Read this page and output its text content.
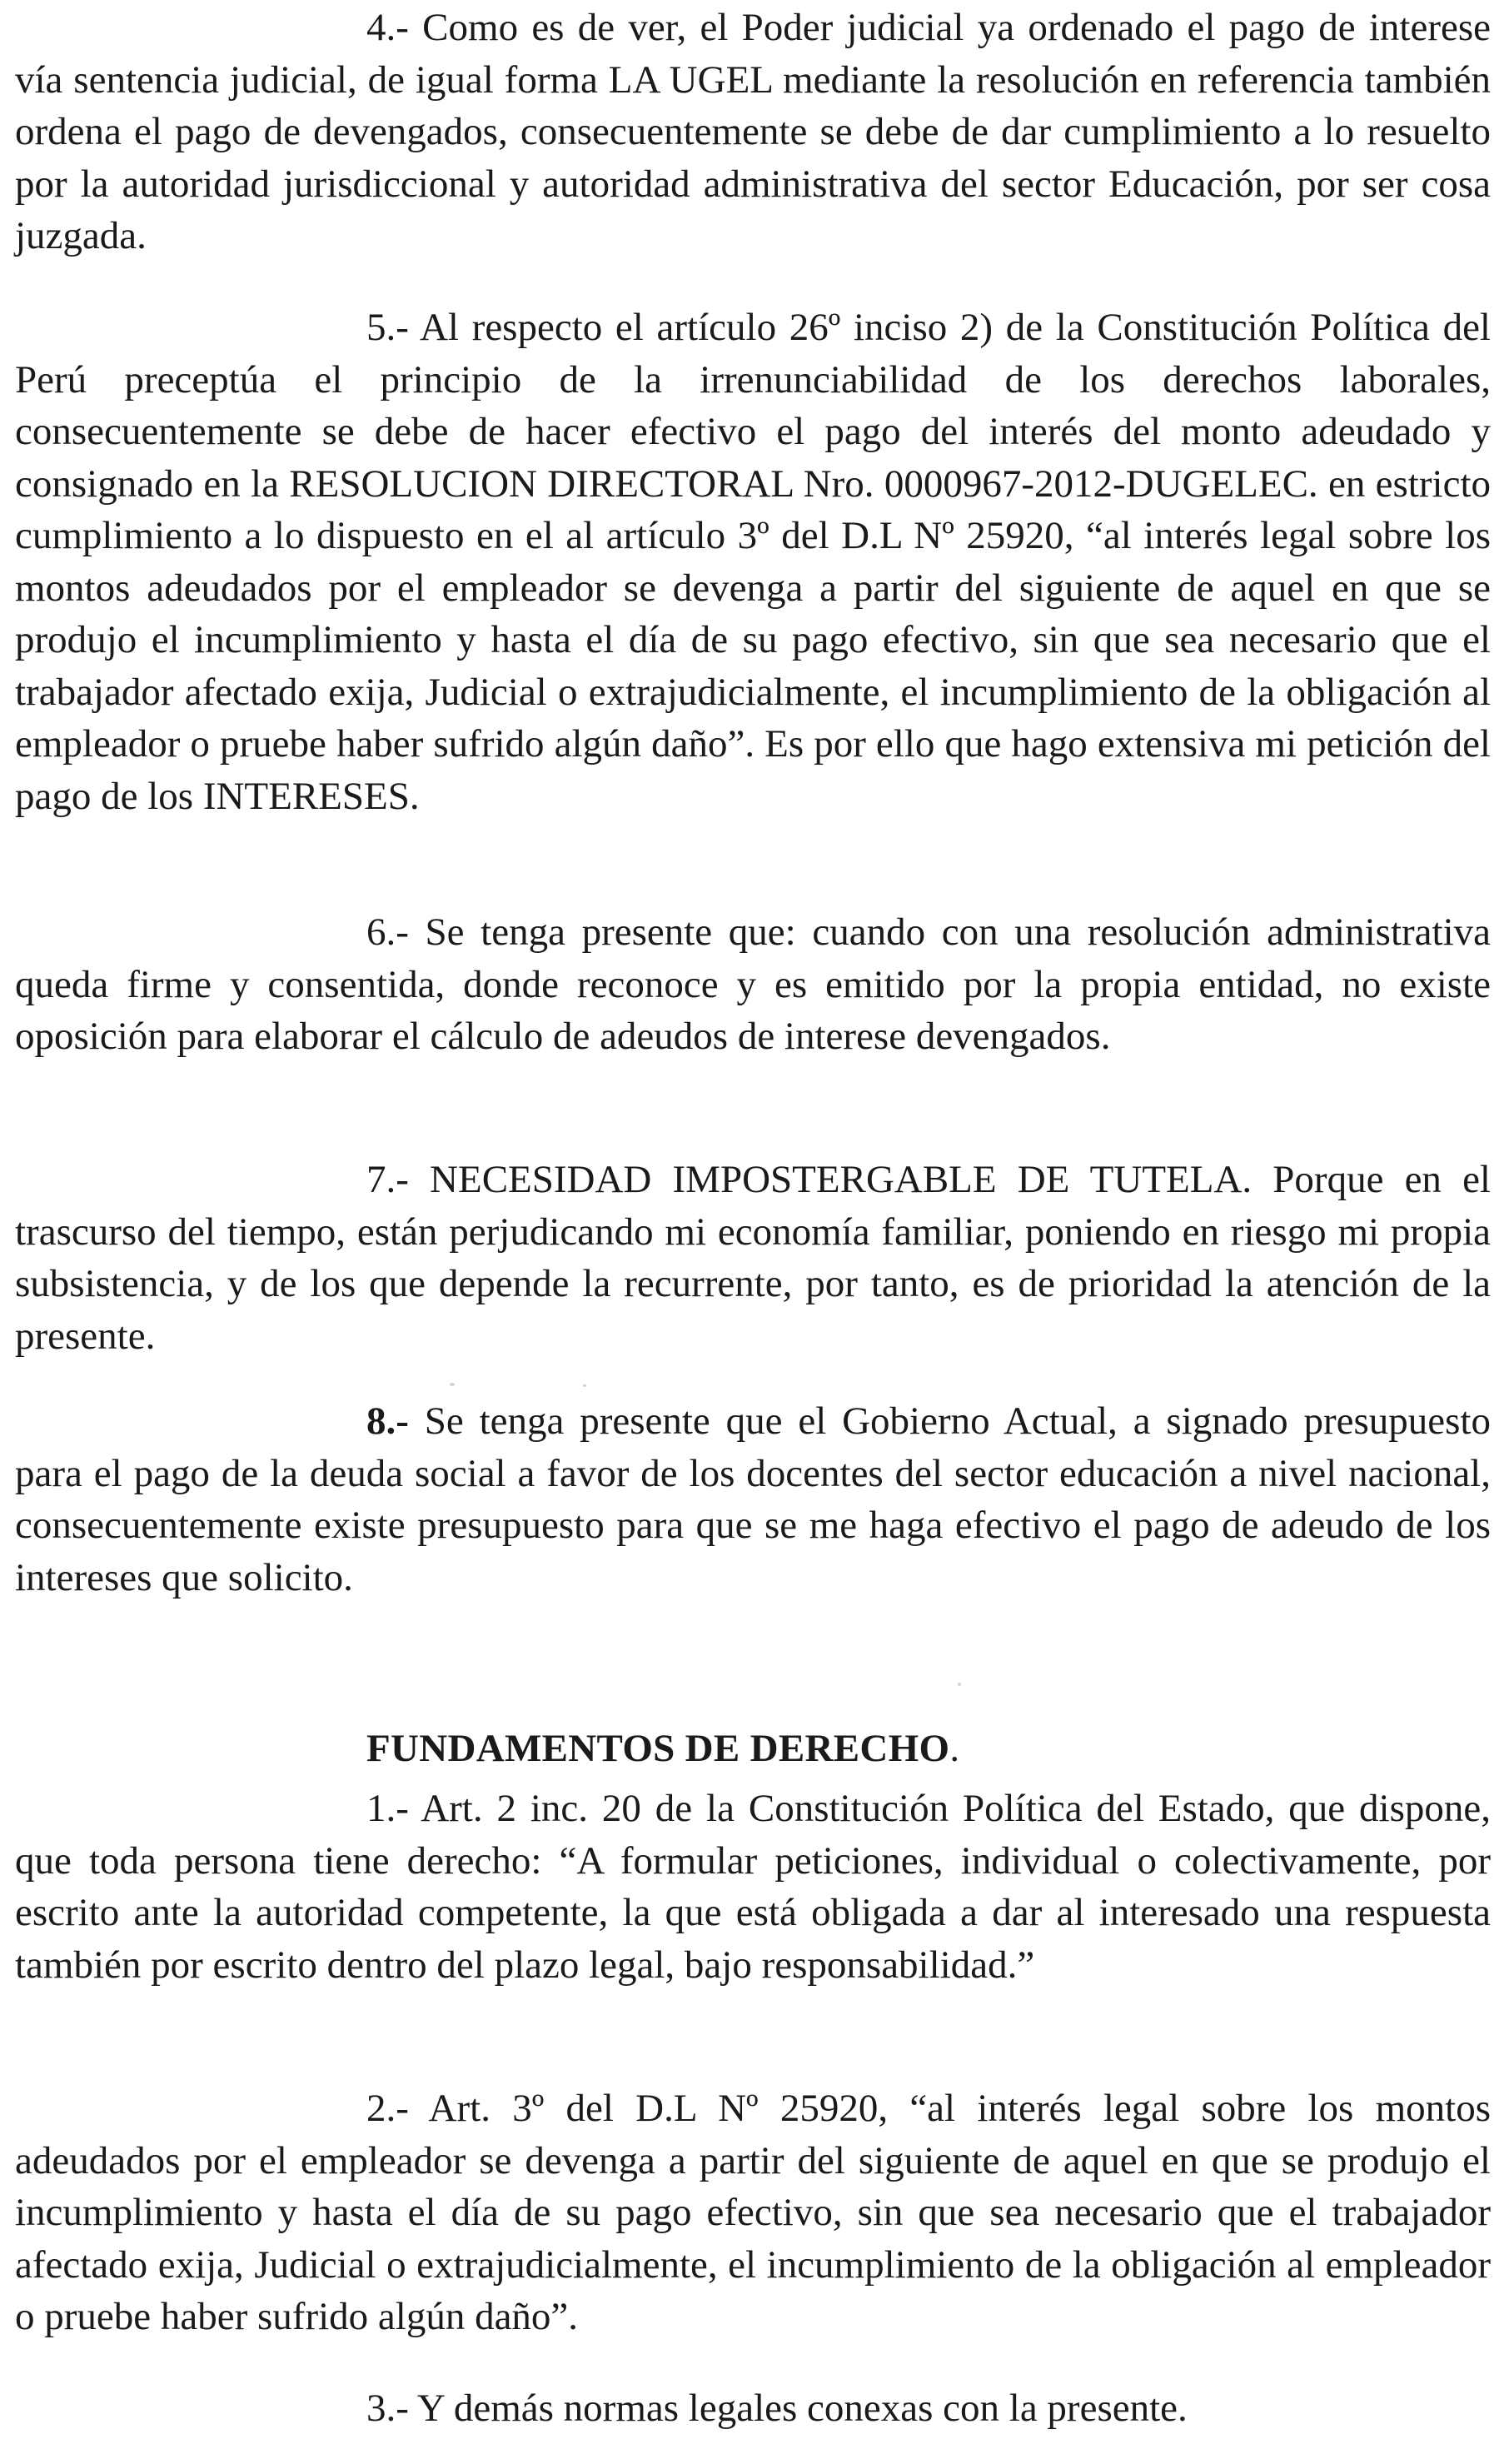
4.- Como es de ver, el Poder judicial ya ordenado el pago de interese vía sentencia judicial, de igual forma LA UGEL mediante la resolución en referencia también ordena el pago de devengados, consecuentemente se debe de dar cumplimiento a lo resuelto por la autoridad jurisdiccional y autoridad administrativa del sector Educación, por ser cosa juzgada.

5.- Al respecto el artículo 26º inciso 2) de la Constitución Política del Perú preceptúa el principio de la irrenunciabilidad de los derechos laborales, consecuentemente se debe de hacer efectivo el pago del interés del monto adeudado y consignado en la RESOLUCION DIRECTORAL Nro. 0000967-2012-DUGELEC. en estricto cumplimiento a lo dispuesto en el al artículo 3º del D.L Nº 25920, “al interés legal sobre los montos adeudados por el empleador se devenga a partir del siguiente de aquel en que se produjo el incumplimiento y hasta el día de su pago efectivo, sin que sea necesario que el trabajador afectado exija, Judicial o extrajudicialmente, el incumplimiento de la obligación al empleador o pruebe haber sufrido algún daño”. Es por ello que hago extensiva mi petición del pago de los INTERESES.

6.- Se tenga presente que: cuando con una resolución administrativa queda firme y consentida, donde reconoce y es emitido por la propia entidad, no existe oposición para elaborar el cálculo de adeudos de interese devengados.

7.- NECESIDAD IMPOSTERGABLE DE TUTELA. Porque en el trascurso del tiempo, están perjudicando mi economía familiar, poniendo en riesgo mi propia subsistencia, y de los que depende la recurrente, por tanto, es de prioridad la atención de la presente.

8.- Se tenga presente que el Gobierno Actual, a signado presupuesto para el pago de la deuda social a favor de los docentes del sector educación a nivel nacional, consecuentemente existe presupuesto para que se me haga efectivo el pago de adeudo de los intereses que solicito.

FUNDAMENTOS DE DERECHO.

1.- Art. 2 inc. 20 de la Constitución Política del Estado, que dispone, que toda persona tiene derecho: “A formular peticiones, individual o colectivamente, por escrito ante la autoridad competente, la que está obligada a dar al interesado una respuesta también por escrito dentro del plazo legal, bajo responsabilidad.”

2.- Art. 3º del D.L Nº 25920, “al interés legal sobre los montos adeudados por el empleador se devenga a partir del siguiente de aquel en que se produjo el incumplimiento y hasta el día de su pago efectivo, sin que sea necesario que el trabajador afectado exija, Judicial o extrajudicialmente, el incumplimiento de la obligación al empleador o pruebe haber sufrido algún daño”.

3.- Y demás normas legales conexas con la presente.
